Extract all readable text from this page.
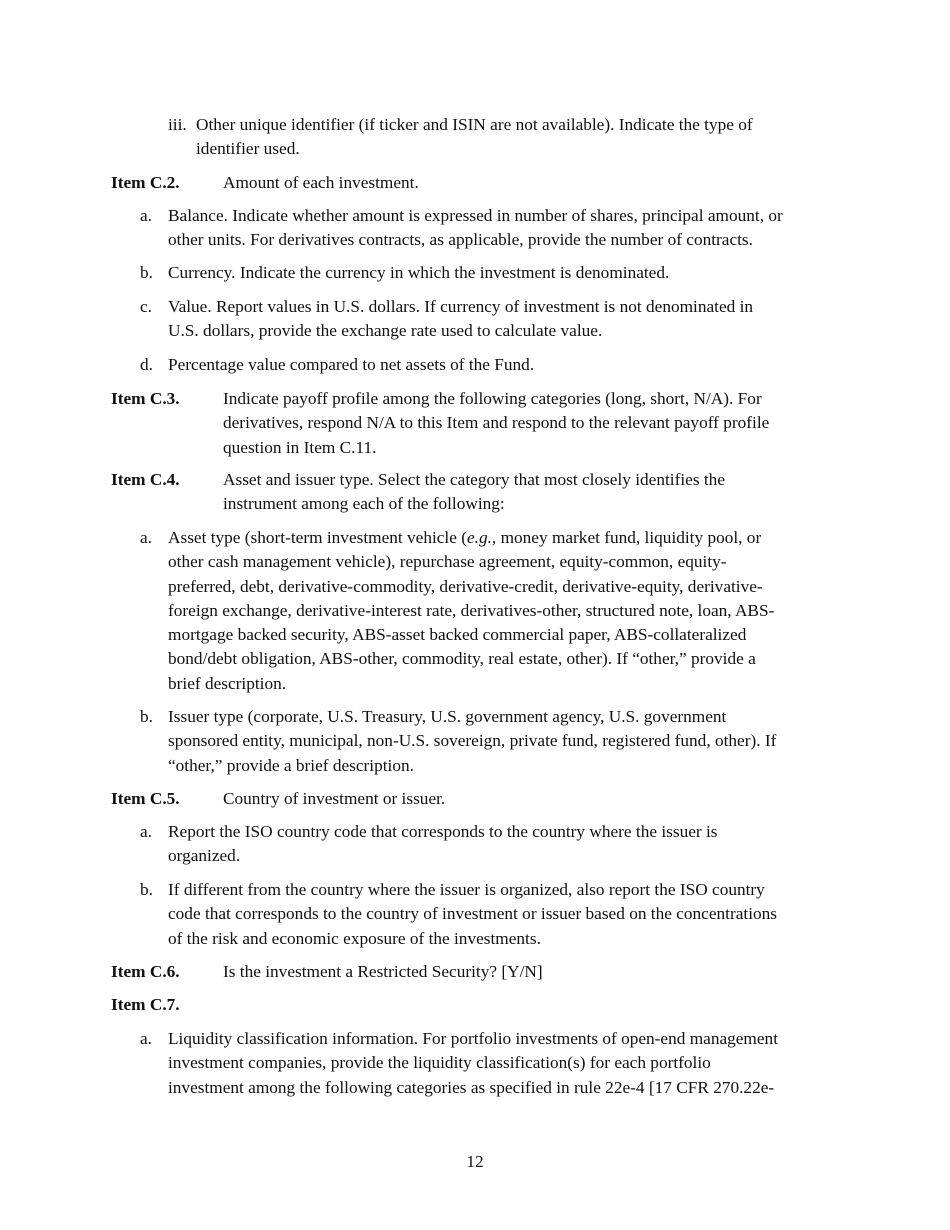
iii. Other unique identifier (if ticker and ISIN are not available). Indicate the type of
identifier used.
Item C.2.	Amount of each investment.
a. Balance. Indicate whether amount is expressed in number of shares, principal amount, or
other units. For derivatives contracts, as applicable, provide the number of contracts.
b. Currency. Indicate the currency in which the investment is denominated.
c. Value. Report values in U.S. dollars. If currency of investment is not denominated in
U.S. dollars, provide the exchange rate used to calculate value.
d. Percentage value compared to net assets of the Fund.
Item C.3.	Indicate payoff profile among the following categories (long, short, N/A). For
derivatives, respond N/A to this Item and respond to the relevant payoff profile
question in Item C.11.
Item C.4.	Asset and issuer type. Select the category that most closely identifies the
instrument among each of the following:
a. Asset type (short-term investment vehicle (e.g., money market fund, liquidity pool, or
other cash management vehicle), repurchase agreement, equity-common, equity-
preferred, debt, derivative-commodity, derivative-credit, derivative-equity, derivative-
foreign exchange, derivative-interest rate, derivatives-other, structured note, loan, ABS-
mortgage backed security, ABS-asset backed commercial paper, ABS-collateralized
bond/debt obligation, ABS-other, commodity, real estate, other). If “other,” provide a
brief description.
b. Issuer type (corporate, U.S. Treasury, U.S. government agency, U.S. government
sponsored entity, municipal, non-U.S. sovereign, private fund, registered fund, other). If
“other,” provide a brief description.
Item C.5.	Country of investment or issuer.
a. Report the ISO country code that corresponds to the country where the issuer is
organized.
b. If different from the country where the issuer is organized, also report the ISO country
code that corresponds to the country of investment or issuer based on the concentrations
of the risk and economic exposure of the investments.
Item C.6.	Is the investment a Restricted Security? [Y/N]
Item C.7.
a. Liquidity classification information. For portfolio investments of open-end management
investment companies, provide the liquidity classification(s) for each portfolio
investment among the following categories as specified in rule 22e-4 [17 CFR 270.22e-
12
